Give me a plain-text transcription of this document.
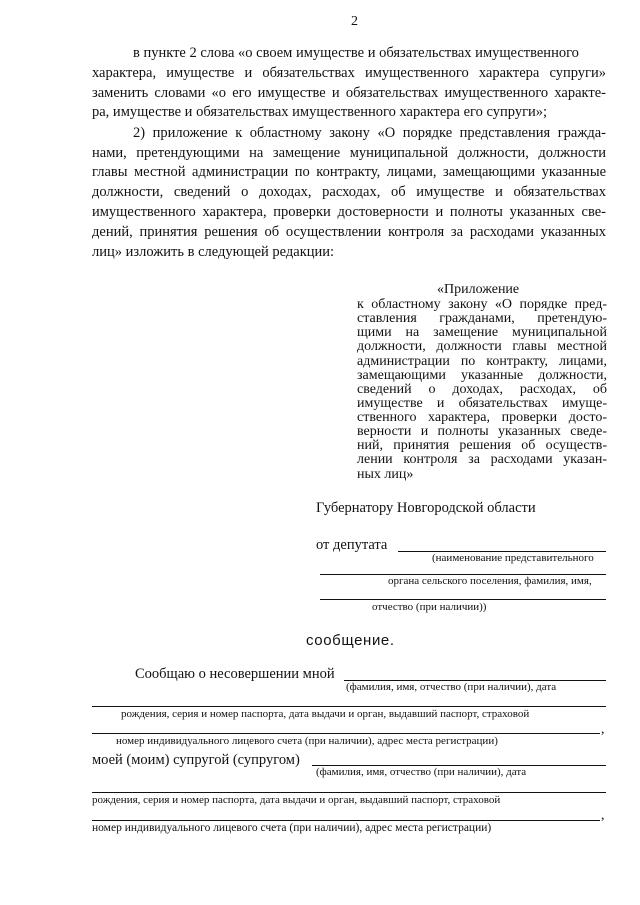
2
в пункте 2 слова «о своем имуществе и обязательствах имущественного
характера, имуществе и обязательствах имущественного характера супруги»
заменить словами «о его имуществе и обязательствах имущественного характе-
ра, имуществе и обязательствах имущественного характера его супруги»;
2) приложение к областному закону «О порядке представления гражда-
нами, претендующими на замещение муниципальной должности, должности
главы местной администрации по контракту, лицами, замещающими указанные
должности, сведений о доходах, расходах, об имуществе и обязательствах
имущественного характера, проверки достоверности и полноты указанных све-
дений, принятия решения об осуществлении контроля за расходами указанных
лиц» изложить в следующей редакции:
«Приложение
к областному закону «О порядке пред-
ставления гражданами, претендую-
щими на замещение муниципальной
должности, должности главы местной
администрации по контракту, лицами,
замещающими указанные должности,
сведений о доходах, расходах, об
имуществе и обязательствах имуще-
ственного характера, проверки досто-
верности и полноты указанных сведе-
ний, принятия решения об осуществ-
лении контроля за расходами указан-
ных лиц»
Губернатору Новгородской области
от депутата
(наименование представительного
органа сельского поселения, фамилия, имя,
отчество (при наличии))
сообщение.
Сообщаю о несовершении мной
(фамилия, имя, отчество (при наличии), дата
рождения, серия и номер паспорта, дата выдачи и орган, выдавший паспорт, страховой
,
номер индивидуального лицевого счета (при наличии), адрес места регистрации)
моей (моим) супругой (супругом)
(фамилия, имя, отчество (при наличии), дата
рождения, серия и номер паспорта, дата выдачи и орган, выдавший паспорт, страховой
,
номер индивидуального лицевого счета (при наличии), адрес места регистрации)
